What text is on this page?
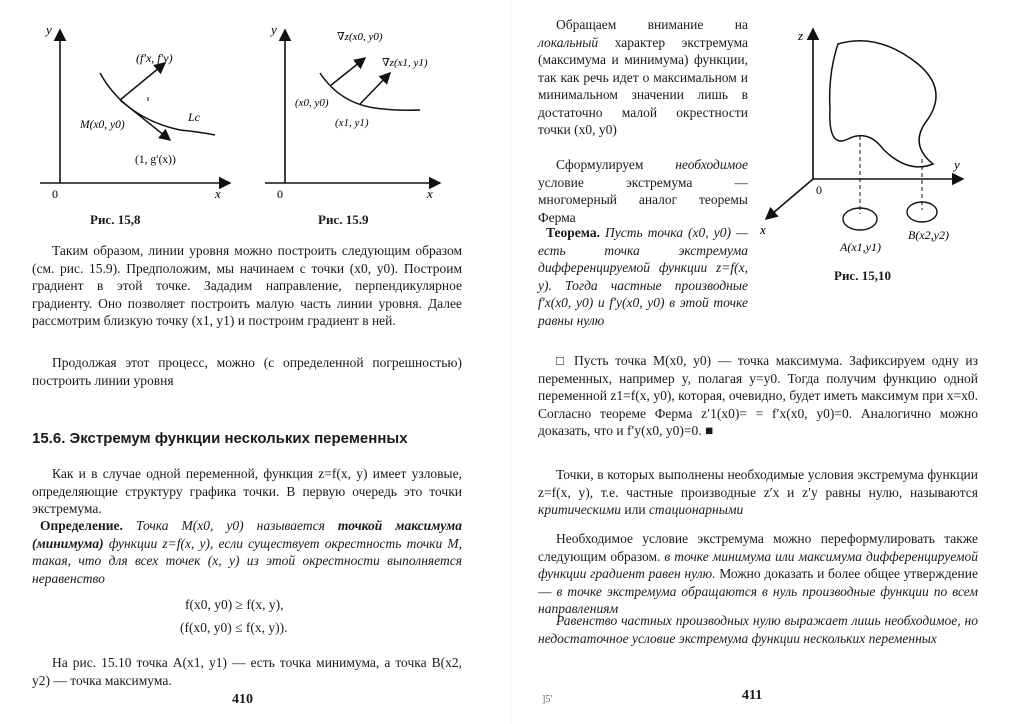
y
x
0
(f′x, f′y)
M(x0, y0)
(1, g′(x))
Lc
Рис. 15,8
y
x
0
∇z(x0, y0)
∇z(x1, y1)
(x0, y0)
(x1, y1)
Рис. 15.9
Таким образом, линии уровня можно построить следующим образом (см. рис. 15.9). Предположим, мы начинаем с точки (x0, y0). Построим градиент в этой точке. Зададим направление, перпендикулярное градиенту. Оно позволяет построить малую часть линии уровня. Далее рассмотрим близкую точку (x1, y1) и построим градиент в ней.
Продолжая этот процесс, можно (с определенной погрешностью) построить линии уровня
15.6. Экстремум функции нескольких переменных
Как и в случае одной переменной, функция z=f(x, y) имеет узловые, определяющие структуру графика точки. В первую очередь это точки экстремума.
Определение. Точка M(x0, y0) называется точкой максимума (минимума) функции z=f(x, y), если существует окрестность точки M, такая, что для всех точек (x, y) из этой окрестности выполняется неравенство
f(x0, y0) ≥ f(x, y),
(f(x0, y0) ≤ f(x, y)).
На рис. 15.10 точка A(x1, y1) — есть точка минимума, а точка B(x2, y2) — точка максимума.
410
Обращаем внимание на локальный характер экстремума (максимума и минимума) функции, так как речь идет о максимальном и минимальном значении лишь в достаточно малой окрестности точки (x0, y0)
Сформулируем необходимое условие экстремума — многомерный аналог теоремы Ферма
Теорема. Пусть точка (x0, y0) — есть точка экстремума дифференцируемой функции z=f(x, y). Тогда частные производные f′x(x0, y0) и f′y(x0, y0) в этой точке равны нулю
z
y
x
0
A(x1,y1)
B(x2,y2)
Рис. 15,10
□ Пусть точка M(x0, y0) — точка максимума. Зафиксируем одну из переменных, например y, полагая y=y0. Тогда получим функцию одной переменной z1=f(x, y0), которая, очевидно, будет иметь максимум при x=x0. Согласно теореме Ферма z′1(x0)= = f′x(x0, y0)=0. Аналогично можно доказать, что и f′y(x0, y0)=0. ■
Точки, в которых выполнены необходимые условия экстремума функции z=f(x, y), т.е. частные производные z′x и z′y равны нулю, называются критическими или стационарными
Необходимое условие экстремума можно переформулировать также следующим образом. в точке минимума или максимума дифференцируемой функции градиент равен нулю. Можно доказать и более общее утверждение — в точке экстремума обращаются в нуль производные функции по всем направлениям
Равенство частных производных нулю выражает лишь необходимое, но недостаточное условие экстремума функции нескольких переменных
]5'	411
